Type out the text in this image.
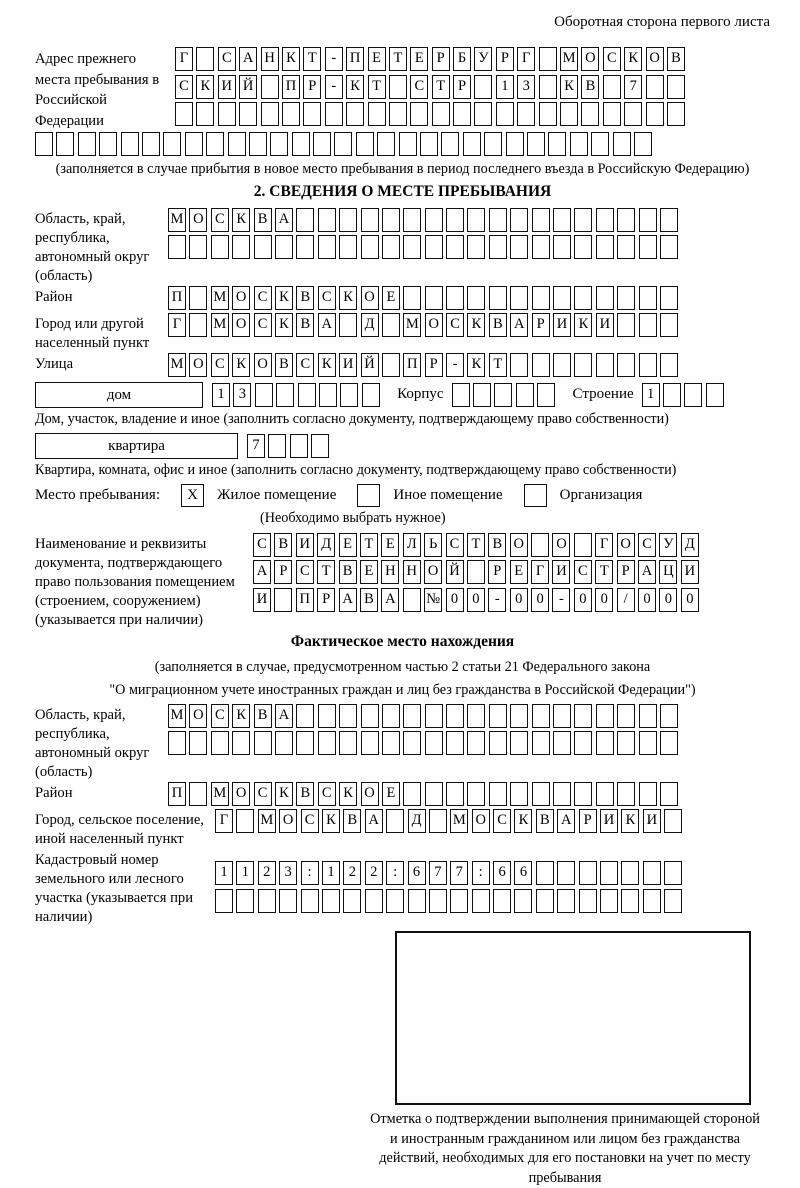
Оборотная сторона первого листа
Адрес прежнего места пребывания в Российской Федерации
Г С А Н К Т - П Е Т Е Р Б У Р Г М О С К О В
С К И Й П Р - К Т С Т Р 1 3 К В 7
(заполняется в случае прибытия в новое место пребывания в период последнего въезда в Российскую Федерацию)
2. СВЕДЕНИЯ О МЕСТЕ ПРЕБЫВАНИЯ
Область, край, республика, автономный округ (область)
М О С К В А
Район	П М О С К В С К О Е
Город или другой населенный пункт
Г М О С К В А Д М О С К В А Р И К И
Улица	М О С К О В С К И Й П Р - К Т
дом	1 3	Корпус	Строение 1
Дом, участок, владение и иное (заполнить согласно документу, подтверждающему право собственности)
квартира	7
Квартира, комната, офис и иное (заполнить согласно документу, подтверждающему право собственности)
Место пребывания:	X	Жилое помещение	Иное помещение	Организация
(Необходимо выбрать нужное)
Наименование и реквизиты документа, подтверждающего право пользования помещением (строением, сооружением) (указывается при наличии)
С В И Д Е Т Е Л Ь С Т В О О Г О С У Д
А Р С Т В Е Н Н О Й Р Е Г И С Т Р А Ц И
И П Р А В А № 0 0 - 0 0 - 0 0 / 0 0 0
Фактическое место нахождения
(заполняется в случае, предусмотренном частью 2 статьи 21 Федерального закона
"О миграционном учете иностранных граждан и лиц без гражданства в Российской Федерации")
Область, край, республика, автономный округ (область)
М О С К В А
Район	П М О С К В С К О Е
Город, сельское поселение, иной населенный пункт
Г М О С К В А Д М О С К В А Р И К И
Кадастровый номер земельного или лесного участка (указывается при наличии)
1 1 2 3 : 1 2 2 : 6 7 7 : 6 6
Отметка о подтверждении выполнения принимающей стороной и иностранным гражданином или лицом без гражданства действий, необходимых для его постановки на учет по месту пребывания
